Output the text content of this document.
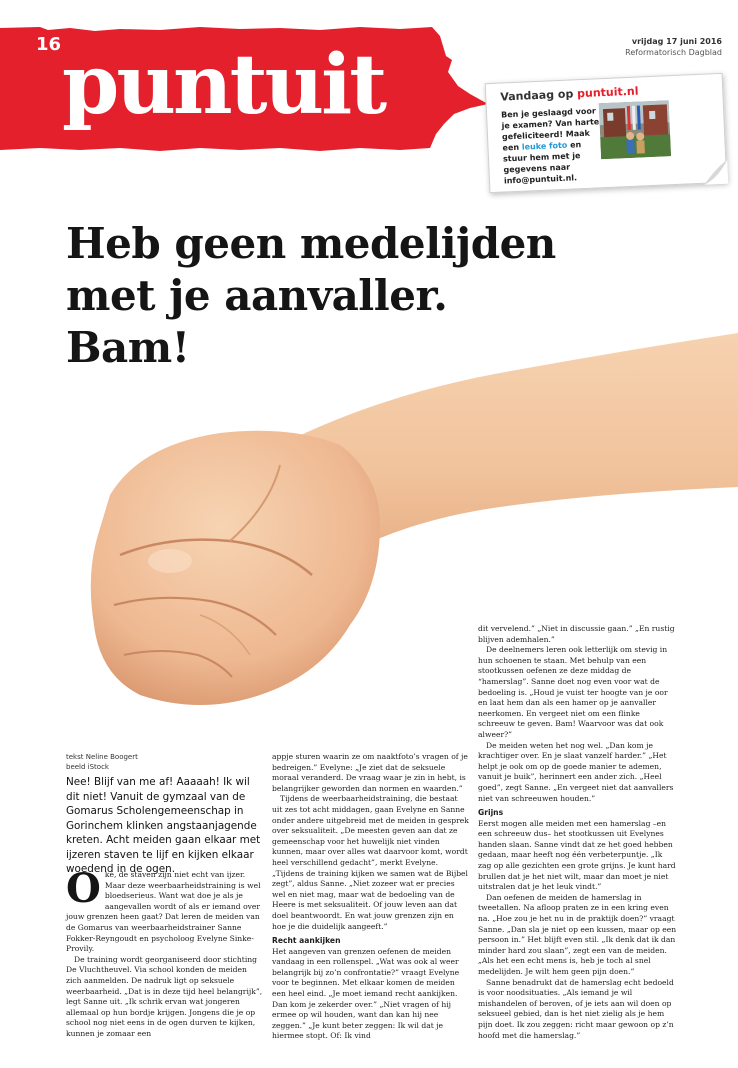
16 puntuit	vrijdag 17 juni 2016
Reformatorisch Dagblad
Vandaag op puntuit.nl
Ben je geslaagd voor je examen? Van harte gefeliciteerd! Maak een leuke foto en stuur hem met je gegevens naar info@puntuit.nl.
Heb geen medelijden
met je aanvaller.
Bam!
tekst Neline Boogert
beeld iStock
Nee! Blijf van me af! Aaaaah! Ik wil dit niet! Vanuit de gymzaal van de Gomarus Scholengemeenschap in Gorinchem klinken angstaanjagende kreten. Acht meiden gaan elkaar met ijzeren staven te lijf en kijken elkaar woedend in de ogen.
O ké, de staven zijn niet echt van ijzer. Maar deze weerbaarheidstraining is wel bloedserieus. Want wat doe je als je aangevallen wordt of als er iemand over jouw grenzen heen gaat? Dat leren de meiden van de Gomarus van weerbaarheidstrainer Sanne Fokker-Reyngoudt en psycholoog Evelyne Sinke-Provily.

De training wordt georganiseerd door stichting De Vluchtheuvel. Via school konden de meiden zich aanmelden. De nadruk ligt op seksuele weerbaarheid. „Dat is in deze tijd heel belangrijk”, legt Sanne uit. „Ik schrik ervan wat jongeren allemaal op hun bordje krijgen. Jongens die je op school nog niet eens in de ogen durven te kijken, kunnen je zomaar een

appje sturen waarin ze om naaktfoto’s vragen of je bedreigen.” Evelyne: „Je ziet dat de seksuele moraal veranderd. De vraag waar je zin in hebt, is belangrijker geworden dan normen en waarden.”

Tijdens de weerbaarheidstraining, die bestaat uit zes tot acht middagen, gaan Evelyne en Sanne onder andere uitgebreid met de meiden in gesprek over seksualiteit. „De meesten geven aan dat ze gemeenschap voor het huwelijk niet vinden kunnen, maar over alles wat daarvoor komt, wordt heel verschillend gedacht”, merkt Evelyne. „Tijdens de training kijken we samen wat de Bijbel zegt”, aldus Sanne. „Niet zozeer wat er precies wel en niet mag, maar wat de bedoeling van de Heere is met seksualiteit. Of jouw leven aan dat doel beantwoordt. En wat jouw grenzen zijn en hoe je die duidelijk aangeeft.”

Recht aankijken

Het aangeven van grenzen oefenen de meiden vandaag in een rollenspel. „Wat was ook al weer belangrijk bij zo’n confrontatie?” vraagt Evelyne voor te beginnen. Met elkaar komen de meiden een heel eind. „Je moet iemand recht aankijken. Dan kom je zekerder over.” „Niet vragen of hij ermee op wil houden, want dan kan hij nee zeggen.” „Je kunt beter zeggen: Ik wil dat je hiermee stopt. Of: Ik vind

dit vervelend.” „Niet in discussie gaan.” „En rustig blijven ademhalen.”

De deelnemers leren ook letterlijk om stevig in hun schoenen te staan. Met behulp van een stootkussen oefenen ze deze middag de “hamerslag”. Sanne doet nog even voor wat de bedoeling is. „Houd je vuist ter hoogte van je oor en laat hem dan als een hamer op je aanvaller neerkomen. En vergeet niet om een flinke schreeuw te geven. Bam! Waarvoor was dat ook alweer?”

De meiden weten het nog wel. „Dan kom je krachtiger over. En je slaat vanzelf harder.” „Het helpt je ook om op de goede manier te ademen, vanuit je buik”, herinnert een ander zich. „Heel goed”, zegt Sanne. „En vergeet niet dat aanvallers niet van schreeuwen houden.”

Grijns

Eerst mogen alle meiden met een hamerslag –en een schreeuw dus– het stootkussen uit Evelynes handen slaan. Sanne vindt dat ze het goed hebben gedaan, maar heeft nog één verbeterpuntje. „Ik zag op alle gezichten een grote grijns. Je kunt hard brullen dat je het niet wilt, maar dan moet je niet uitstralen dat je het leuk vindt.”

Dan oefenen de meiden de hamerslag in tweetallen. Na afloop praten ze in een kring even na. „Hoe zou je het nu in de praktijk doen?” vraagt Sanne. „Dan sla je niet op een kussen, maar op een persoon in.” Het blijft even stil. „Ik denk dat ik dan minder hard zou slaan”, zegt een van de meiden. „Als het een echt mens is, heb je toch al snel medelijden. Je wilt hem geen pijn doen.”

Sanne benadrukt dat de hamerslag echt bedoeld is voor noodsituaties. „Als iemand je wil mishandelen of beroven, of je iets aan wil doen op seksueel gebied, dan is het niet zielig als je hem pijn doet. Ik zou zeggen: richt maar gewoon op z’n hoofd met die hamerslag.”
